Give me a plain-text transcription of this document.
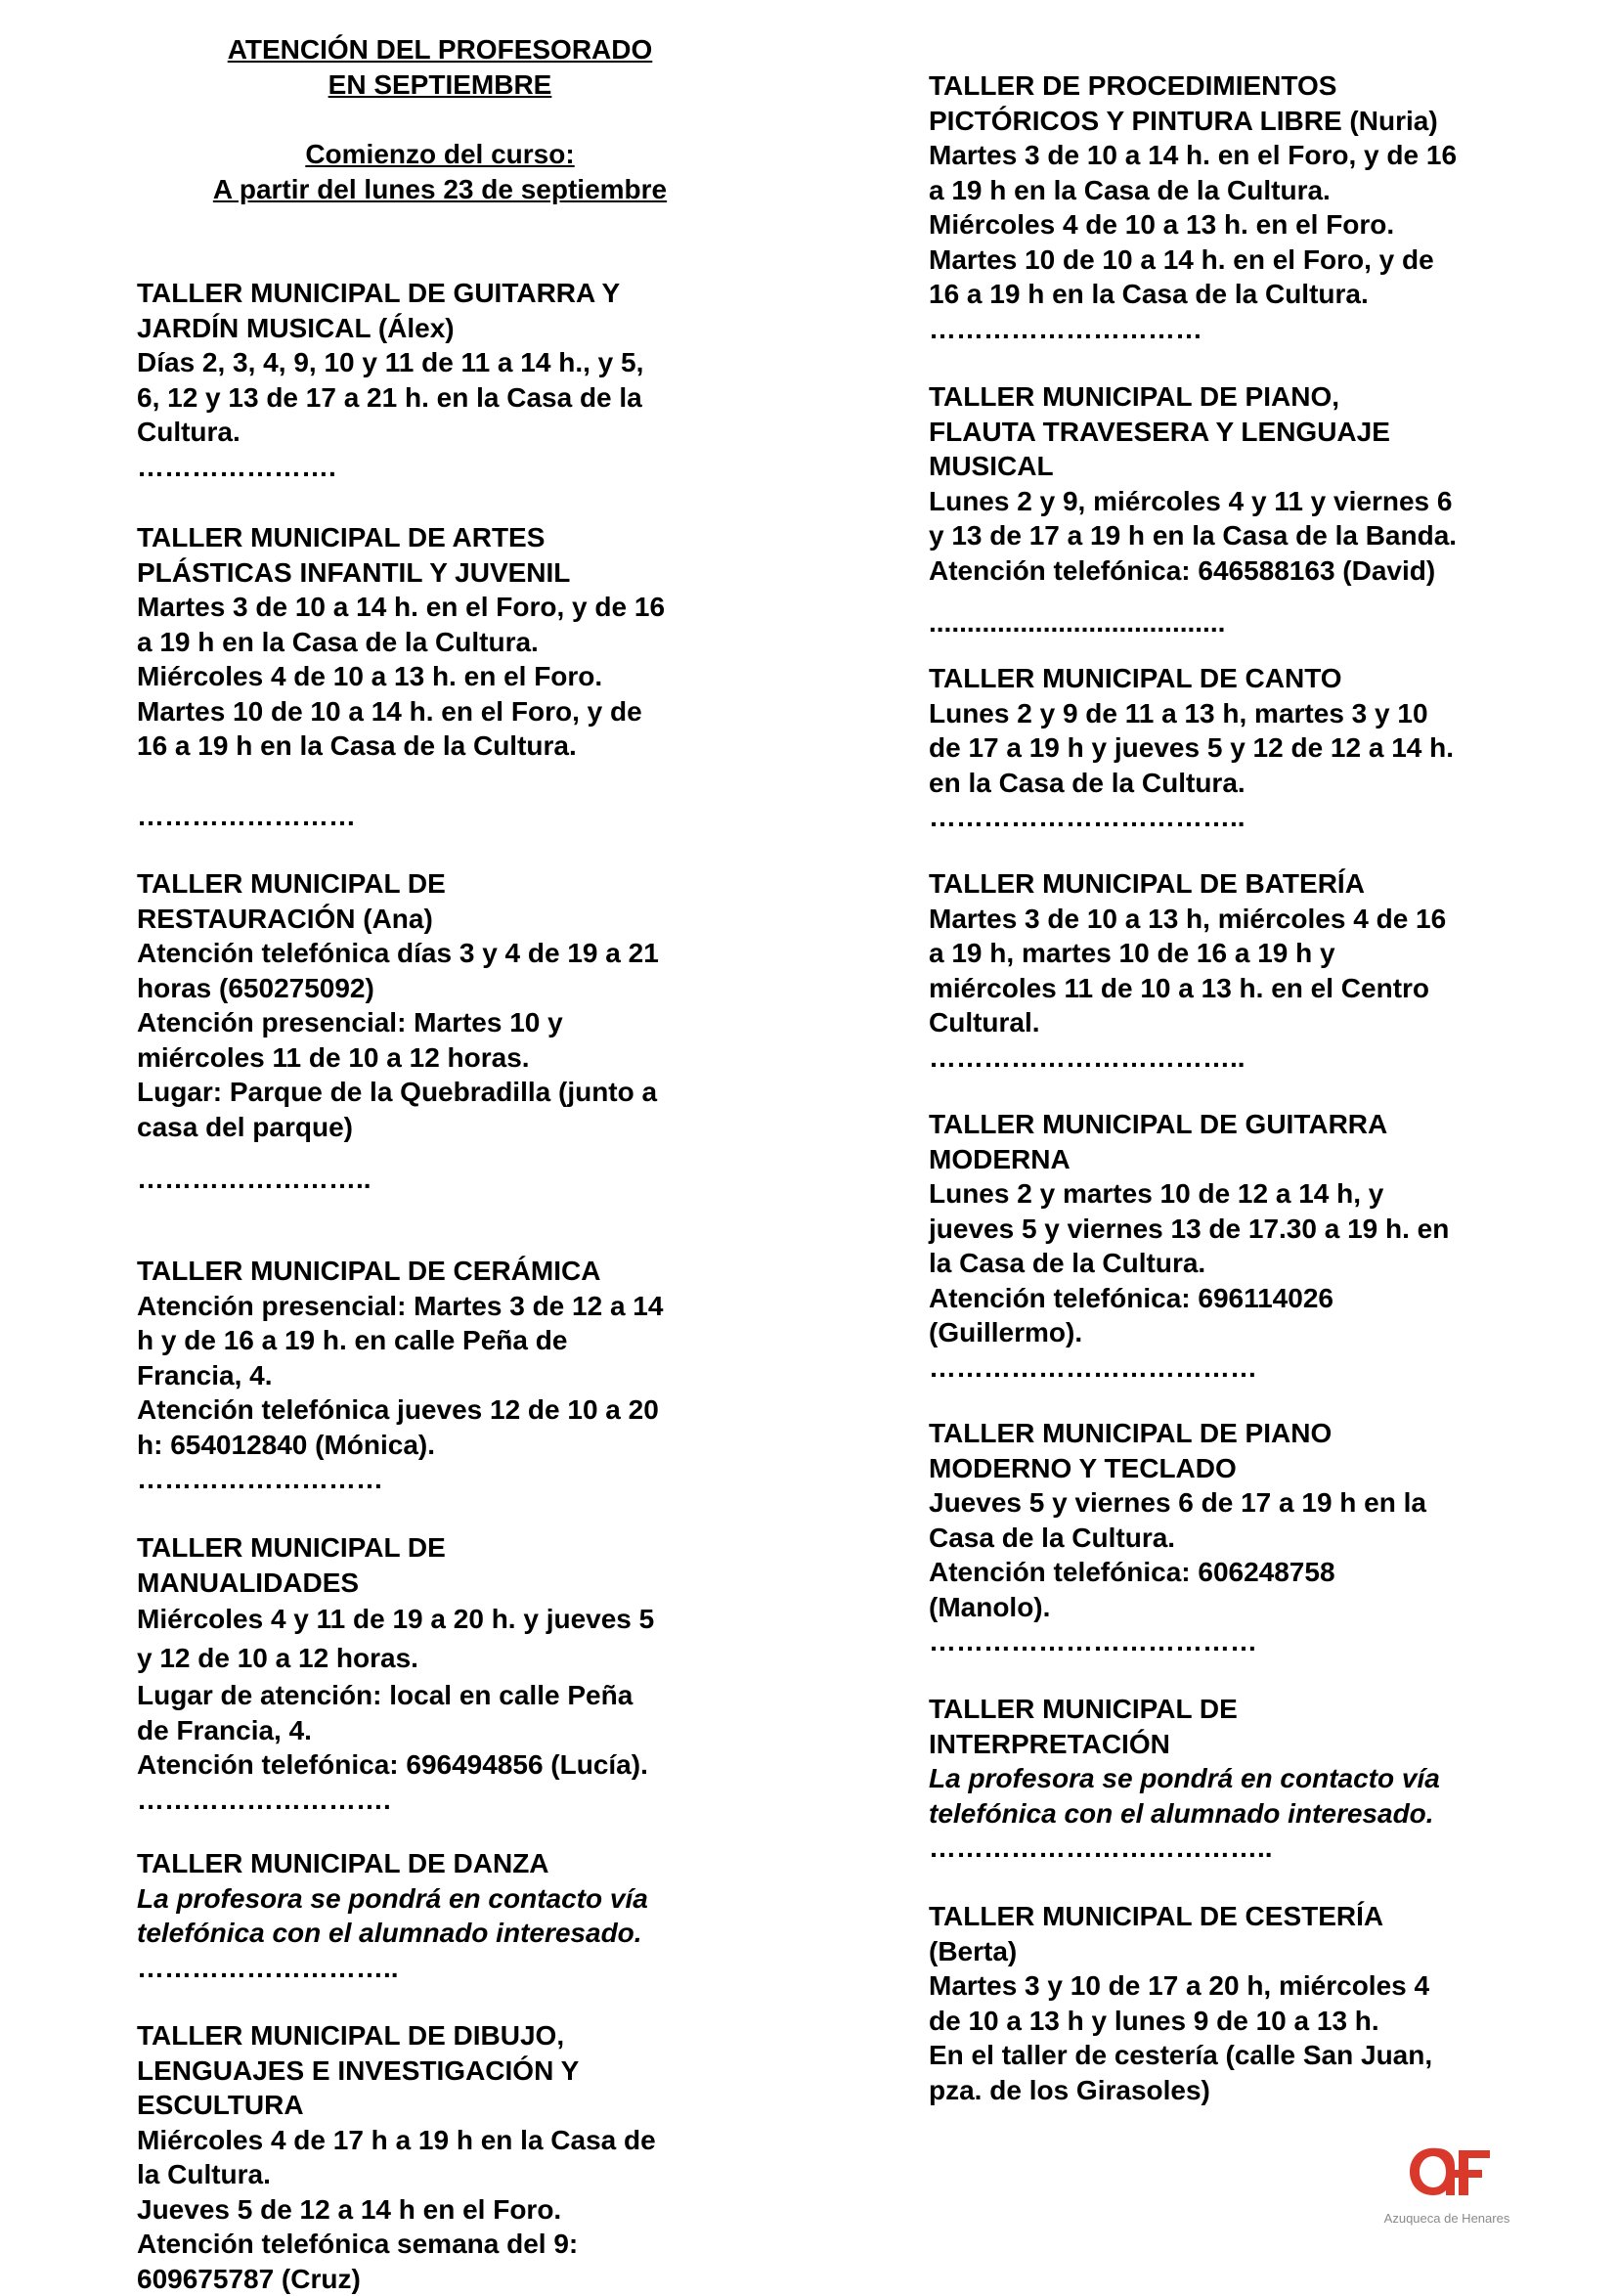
ATENCIÓN DEL PROFESORADO

EN SEPTIEMBRE

Comienzo del curso:

A partir del lunes 23 de septiembre

TALLER MUNICIPAL DE GUITARRA Y

JARDÍN MUSICAL (Álex)

Días 2, 3, 4, 9, 10 y 11 de 11 a 14 h., y 5,

6, 12 y 13 de 17 a 21 h. en la Casa de la

Cultura.

………………….

TALLER MUNICIPAL DE ARTES

PLÁSTICAS INFANTIL Y JUVENIL

Martes 3 de 10 a 14 h. en el Foro, y de 16

a 19 h en la Casa de la Cultura.

Miércoles 4 de 10 a 13 h. en el Foro.

Martes 10 de 10 a 14 h. en el Foro, y de

16 a 19 h en la Casa de la Cultura.

……………………

TALLER MUNICIPAL DE

RESTAURACIÓN (Ana)

Atención telefónica días 3 y 4 de 19 a 21

horas (650275092)

Atención presencial: Martes 10 y

miércoles 11 de 10 a 12 horas.

Lugar: Parque de la Quebradilla (junto a

casa del parque)

……………………..

TALLER MUNICIPAL DE CERÁMICA

Atención presencial: Martes 3 de 12 a 14

h y de 16 a 19 h. en calle Peña de

Francia, 4.

Atención telefónica jueves 12 de 10 a 20

h: 654012840 (Mónica).

………………………

TALLER MUNICIPAL DE

MANUALIDADES

Miércoles 4 y 11 de 19 a 20 h. y jueves 5

y 12 de 10 a 12 horas.

Lugar de atención: local en calle Peña

de Francia, 4.

Atención telefónica: 696494856 (Lucía).

……………………….

TALLER MUNICIPAL DE DANZA

La profesora se pondrá en contacto vía

telefónica con el alumnado interesado.

………………………..

TALLER MUNICIPAL DE DIBUJO,

LENGUAJES E INVESTIGACIÓN Y

ESCULTURA

Miércoles 4 de 17 h a 19 h en la Casa de

la Cultura.

Jueves 5 de 12 a 14 h en el Foro.

Atención telefónica semana del 9:

609675787 (Cruz)

TALLER DE PROCEDIMIENTOS

PICTÓRICOS Y PINTURA LIBRE (Nuria)

Martes 3 de 10 a 14 h. en el Foro, y de 16

a 19 h en la Casa de la Cultura.

Miércoles 4 de 10 a 13 h. en el Foro.

Martes 10 de 10 a 14 h. en el Foro, y de

16 a 19 h en la Casa de la Cultura.

…………………………

TALLER MUNICIPAL DE PIANO,

FLAUTA TRAVESERA Y LENGUAJE

MUSICAL

Lunes 2 y 9, miércoles 4 y 11 y viernes 6

y 13 de 17 a 19 h en la Casa de la Banda.

Atención telefónica: 646588163 (David)

.......................................

TALLER MUNICIPAL DE CANTO

Lunes 2 y 9 de 11 a 13 h, martes 3 y 10

de 17 a 19 h y jueves 5 y 12 de 12 a 14 h.

en la Casa de la Cultura.

……………………………..

TALLER MUNICIPAL DE BATERÍA

Martes 3 de 10 a 13 h, miércoles 4 de 16

a 19 h, martes 10 de 16 a 19 h y

miércoles 11 de 10 a 13 h. en el Centro

Cultural.

……………………………..

TALLER MUNICIPAL DE GUITARRA

MODERNA

Lunes 2 y martes 10 de 12 a 14 h, y

jueves 5 y viernes 13 de 17.30 a 19 h. en

la Casa de la Cultura.

Atención telefónica: 696114026

(Guillermo).

………………………………

TALLER MUNICIPAL DE PIANO

MODERNO Y TECLADO

Jueves 5 y viernes 6 de 17 a 19 h en la

Casa de la Cultura.

Atención telefónica: 606248758

(Manolo).

………………………………

TALLER MUNICIPAL DE

INTERPRETACIÓN

La profesora se pondrá en contacto vía

telefónica con el alumnado interesado.

………………………………..

TALLER MUNICIPAL DE CESTERÍA

(Berta)

Martes 3 y 10 de 17 a 20 h, miércoles 4

de 10 a 13 h y lunes 9 de 10 a 13 h.

En el taller de cestería (calle San Juan,

pza. de los Girasoles)

Azuqueca de Henares
